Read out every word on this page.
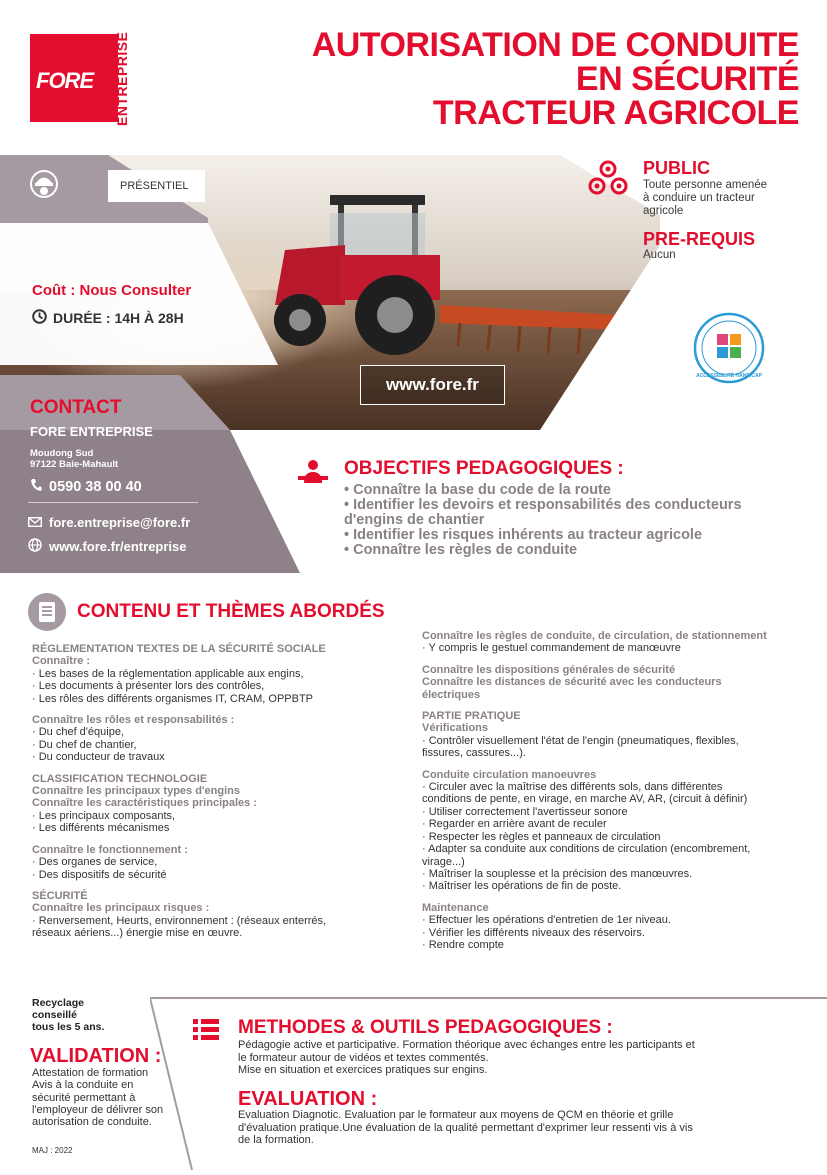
FORE ENTREPRISE	AUTORISATION DE CONDUITE
EN SÉCURITÉ
TRACTEUR AGRICOLE
PRÉSENTIEL
Coût : Nous Consulter
DURÉE : 14H À 28H
www.fore.fr
CONTACT
FORE ENTREPRISE
Moudong Sud
97122 Baie-Mahault
0590 38 00 40
fore.entreprise@fore.fr
www.fore.fr/entreprise
PUBLIC
Toute personne amenée
à conduire un tracteur
agricole
PRE-REQUIS
Aucun
ACCESSIBILITÉ HANDICAP
OBJECTIFS PEDAGOGIQUES :
• Connaître la base du code de la route
• Identifier les devoirs et responsabilités des conducteurs
d'engins de chantier
• Identifier les risques inhérents au tracteur agricole
• Connaître les règles de conduite
CONTENU ET THÈMES ABORDÉS
RÉGLEMENTATION TEXTES DE LA SÉCURITÉ SOCIALE
Connaître :
· Les bases de la réglementation applicable aux engins,
· Les documents à présenter lors des contrôles,
· Les rôles des différents organismes IT, CRAM, OPPBTP
Connaître les rôles et responsabilités :
· Du chef d'équipe,
· Du chef de chantier,
· Du conducteur de travaux
CLASSIFICATION TECHNOLOGIE
Connaître les principaux types d'engins
Connaître les caractéristiques principales :
· Les principaux composants,
· Les différents mécanismes
Connaître le fonctionnement :
· Des organes de service,
· Des dispositifs de sécurité
SÉCURITÉ
Connaître les principaux risques :
· Renversement, Heurts, environnement : (réseaux enterrés,
réseaux aériens...) énergie mise en œuvre.
Connaître les règles de conduite, de circulation, de stationnement
· Y compris le gestuel commandement de manœuvre
Connaître les dispositions générales de sécurité
Connaître les distances de sécurité avec les conducteurs
électriques
PARTIE PRATIQUE
Vérifications
· Contrôler visuellement l'état de l'engin (pneumatiques, flexibles,
fissures, cassures...).
Conduite circulation manoeuvres
· Circuler avec la maîtrise des différents sols, dans différentes
conditions de pente, en virage, en marche AV, AR, (circuit à définir)
· Utiliser correctement l'avertisseur sonore
· Regarder en arrière avant de reculer
· Respecter les règles et panneaux de circulation
· Adapter sa conduite aux conditions de circulation (encombrement,
virage...)
· Maîtriser la souplesse et la précision des manœuvres.
· Maîtriser les opérations de fin de poste.
Maintenance
· Effectuer les opérations d'entretien de 1er niveau.
· Vérifier les différents niveaux des réservoirs.
· Rendre compte
Recyclage
conseillé
tous les 5 ans.
VALIDATION :
Attestation de formation
Avis à la conduite en
sécurité permettant à
l'employeur de délivrer son
autorisation de conduite.
MAJ : 2022
METHODES & OUTILS PEDAGOGIQUES :
Pédagogie active et participative. Formation théorique avec échanges entre les participants et
le formateur autour de vidéos et textes commentés.
Mise en situation et exercices pratiques sur engins.
EVALUATION :
Evaluation Diagnotic. Evaluation par le formateur aux moyens de QCM en théorie et grille
d'évaluation pratique.Une évaluation de la qualité permettant d'exprimer leur ressenti vis à vis
de la formation.
